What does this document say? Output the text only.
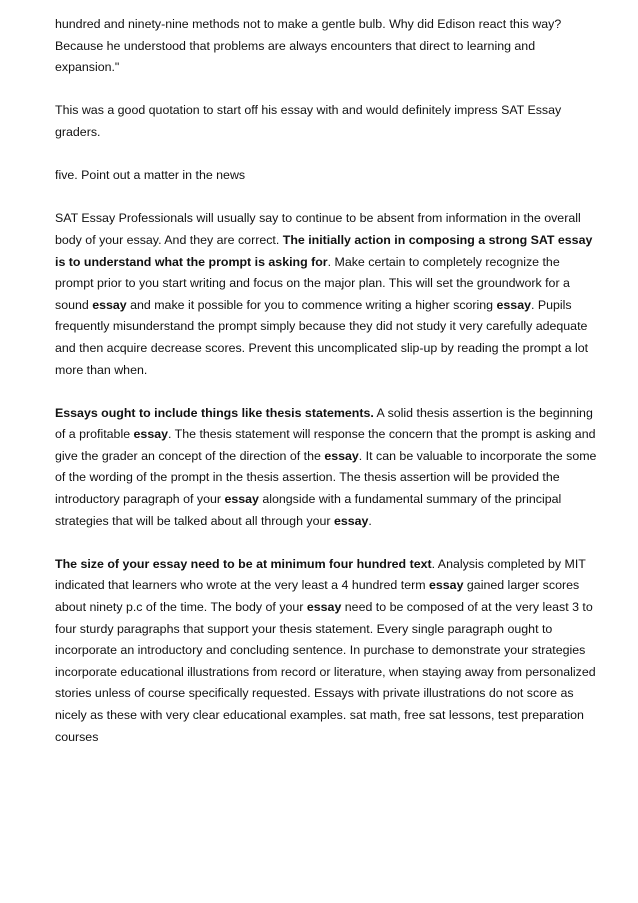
hundred and ninety-nine methods not to make a gentle bulb. Why did Edison react this way? Because he understood that problems are always encounters that direct to learning and expansion."

This was a good quotation to start off his essay with and would definitely impress SAT Essay graders.

five. Point out a matter in the news

SAT Essay Professionals will usually say to continue to be absent from information in the overall body of your essay. And they are correct. The initially action in composing a strong SAT essay is to understand what the prompt is asking for. Make certain to completely recognize the prompt prior to you start writing and focus on the major plan. This will set the groundwork for a sound essay and make it possible for you to commence writing a higher scoring essay. Pupils frequently misunderstand the prompt simply because they did not study it very carefully adequate and then acquire decrease scores. Prevent this uncomplicated slip-up by reading the prompt a lot more than when.

Essays ought to include things like thesis statements. A solid thesis assertion is the beginning of a profitable essay. The thesis statement will response the concern that the prompt is asking and give the grader an concept of the direction of the essay. It can be valuable to incorporate the some of the wording of the prompt in the thesis assertion. The thesis assertion will be provided the introductory paragraph of your essay alongside with a fundamental summary of the principal strategies that will be talked about all through your essay.

The size of your essay need to be at minimum four hundred text. Analysis completed by MIT indicated that learners who wrote at the very least a 4 hundred term essay gained larger scores about ninety p.c of the time. The body of your essay need to be composed of at the very least 3 to four sturdy paragraphs that support your thesis statement. Every single paragraph ought to incorporate an introductory and concluding sentence. In purchase to demonstrate your strategies incorporate educational illustrations from record or literature, when staying away from personalized stories unless of course specifically requested. Essays with private illustrations do not score as nicely as these with very clear educational examples. sat math, free sat lessons, test preparation courses
